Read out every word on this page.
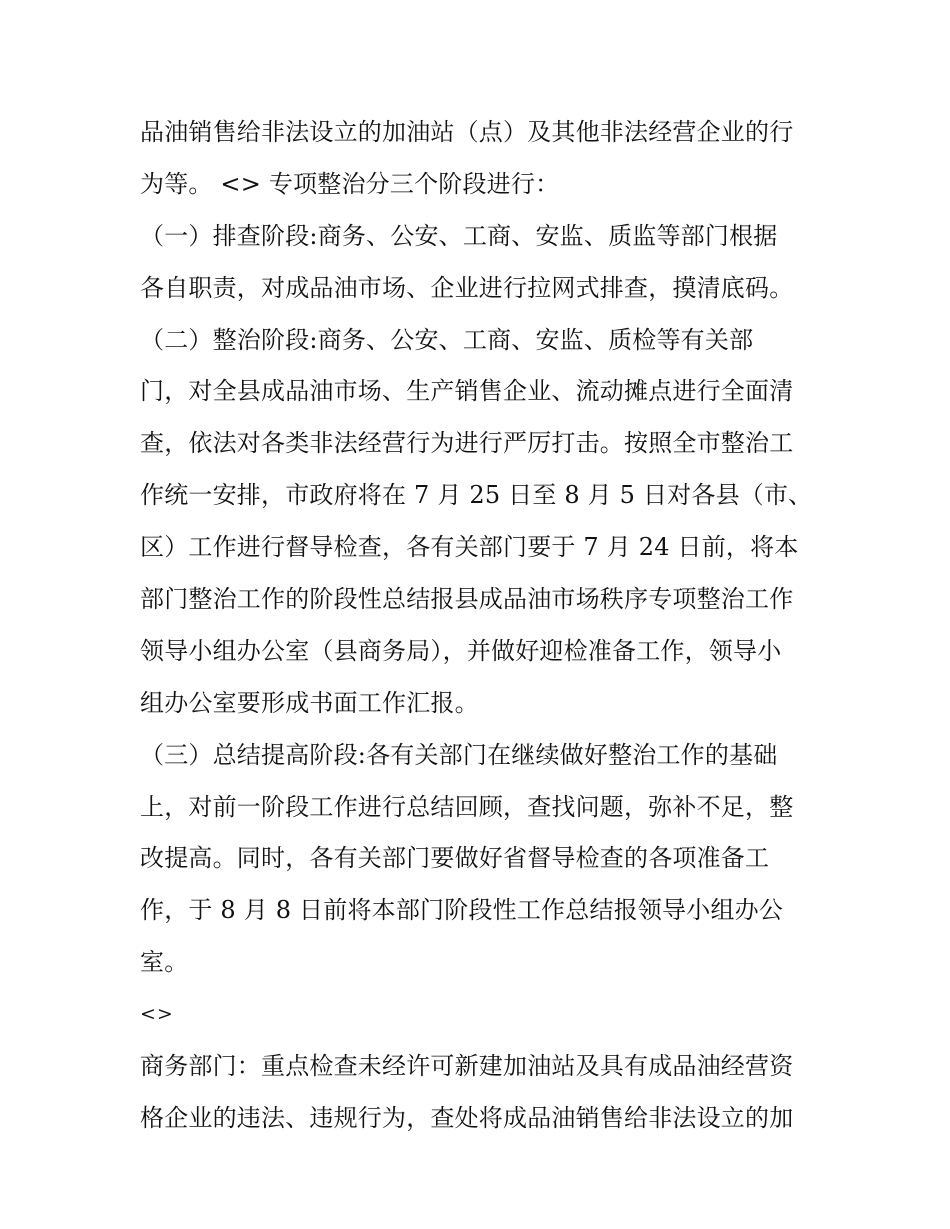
品油销售给非法设立的加油站（点）及其他非法经营企业的行
为等。 <> 专项整治分三个阶段进行：
（一）排查阶段:商务、公安、工商、安监、质监等部门根据
各自职责，对成品油市场、企业进行拉网式排查，摸清底码。
（二）整治阶段:商务、公安、工商、安监、质检等有关部
门，对全县成品油市场、生产销售企业、流动摊点进行全面清
查，依法对各类非法经营行为进行严厉打击。按照全市整治工
作统一安排，市政府将在 7 月 25 日至 8 月 5 日对各县（市、
区）工作进行督导检查，各有关部门要于 7 月 24 日前，将本
部门整治工作的阶段性总结报县成品油市场秩序专项整治工作
领导小组办公室（县商务局），并做好迎检准备工作，领导小
组办公室要形成书面工作汇报。
（三）总结提高阶段:各有关部门在继续做好整治工作的基础
上，对前一阶段工作进行总结回顾，查找问题，弥补不足，整
改提高。同时，各有关部门要做好省督导检查的各项准备工
作，于 8 月 8 日前将本部门阶段性工作总结报领导小组办公
室。
<>
商务部门：重点检查未经许可新建加油站及具有成品油经营资
格企业的违法、违规行为，查处将成品油销售给非法设立的加
